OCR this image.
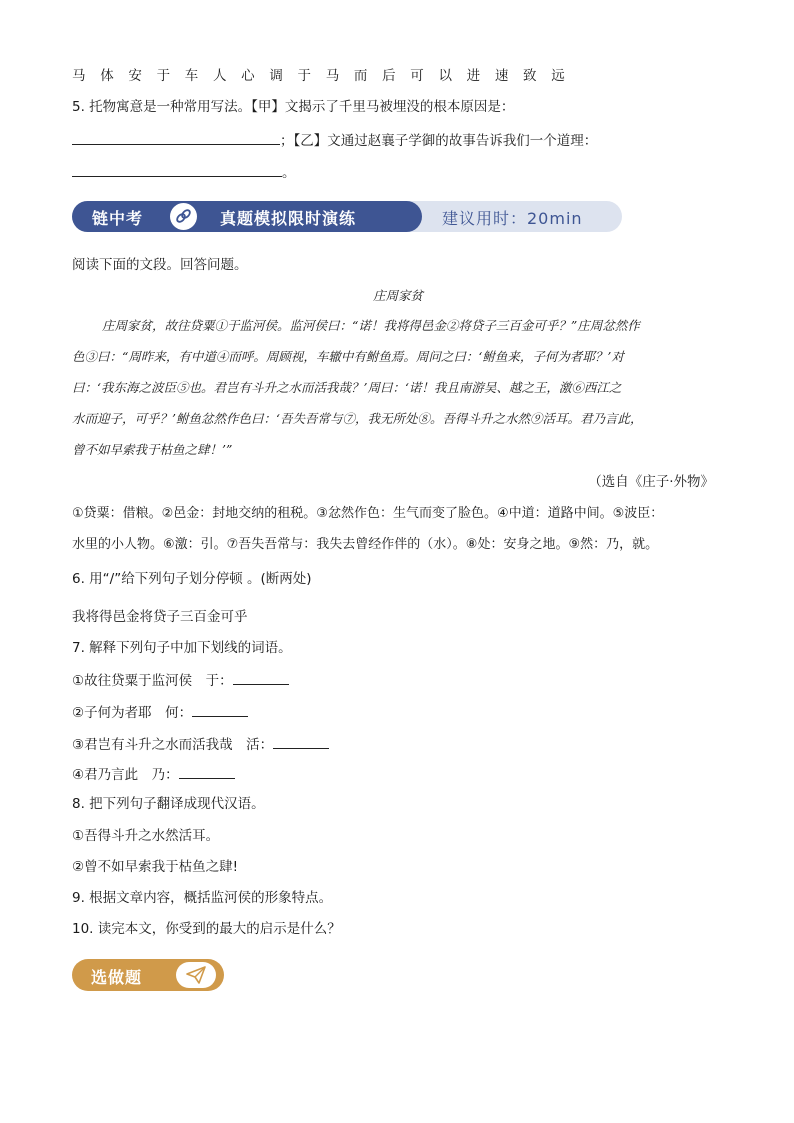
马 体 安 于 车 人 心 调 于 马 而 后 可 以 进 速 致 远
5. 托物寓意是一种常用写法。【甲】文揭示了千里马被埋没的根本原因是：
；【乙】文通过赵襄子学御的故事告诉我们一个道理：
。
链中考	真题模拟限时演练	建议用时：20min
阅读下面的文段。回答问题。
庄周家贫
庄周家贫，故往贷粟①于监河侯。监河侯曰：“诺！我将得邑金②将贷子三百金可乎？”庄周忿然作
色③曰：“周昨来，有中道④而呼。周顾视，车辙中有鲋鱼焉。周问之曰：‘鲋鱼来，子何为者耶？’对
曰：‘我东海之波臣⑤也。君岂有斗升之水而活我哉？’周曰：‘诺！我且南游吴、越之王，激⑥西江之
水而迎子，可乎？’鲋鱼忿然作色曰：‘吾失吾常与⑦，我无所处⑧。吾得斗升之水然⑨活耳。君乃言此，
曾不如早索我于枯鱼之肆！’”
（选自《庄子·外物》
①贷粟：借粮。②邑金：封地交纳的租税。③忿然作色：生气而变了脸色。④中道：道路中间。⑤波臣：
水里的小人物。⑥激：引。⑦吾失吾常与：我失去曾经作伴的（水）。⑧处：安身之地。⑨然：乃，就。
6. 用“/”给下列句子划分停顿 。(断两处)
我将得邑金将贷子三百金可乎
7. 解释下列句子中加下划线的词语。
①故往贷粟于监河侯　于：
②子何为者耶　何：
③君岂有斗升之水而活我哉　活：
④君乃言此　乃：
8. 把下列句子翻译成现代汉语。
①吾得斗升之水然活耳。
②曾不如早索我于枯鱼之肆!
9. 根据文章内容，概括监河侯的形象特点。
10. 读完本文，你受到的最大的启示是什么？
选做题
